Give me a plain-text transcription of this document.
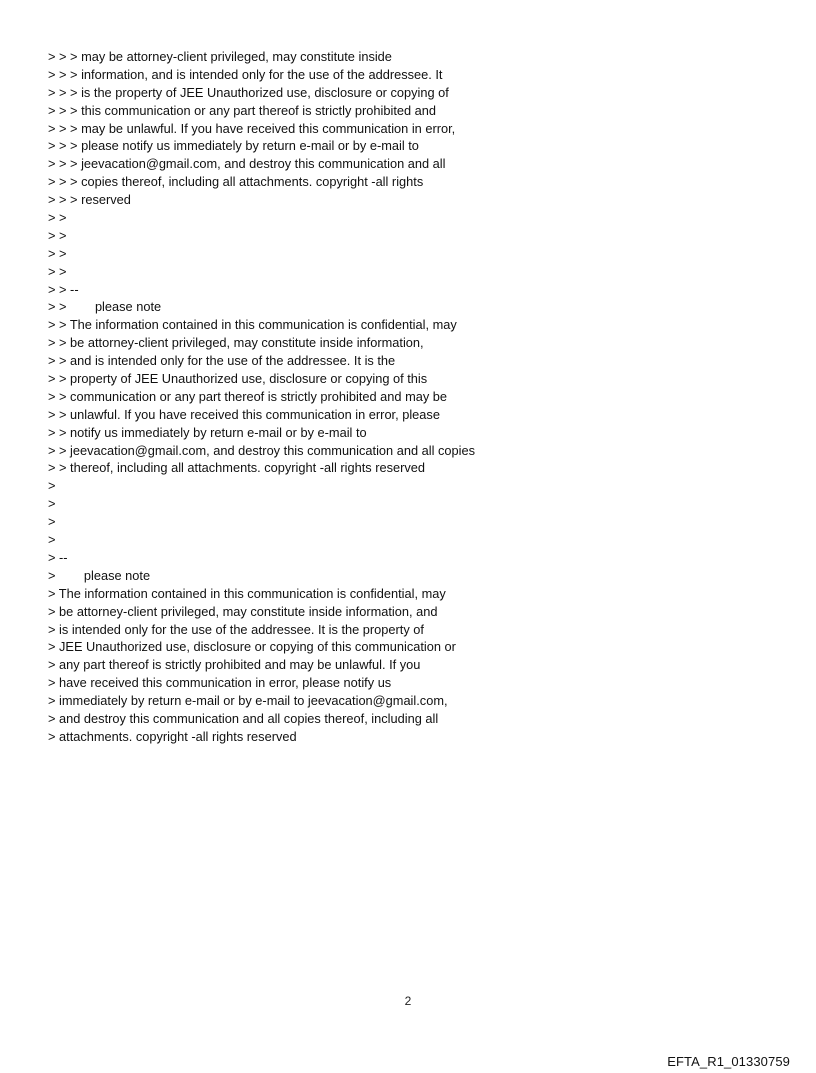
> > > may be attorney-client privileged, may constitute inside
> > > information, and is intended only for the use of the addressee. It
> > > is the property of JEE Unauthorized use, disclosure or copying of
> > > this communication or any part thereof is strictly prohibited and
> > > may be unlawful. If you have received this communication in error,
> > > please notify us immediately by return e-mail or by e-mail to
> > > jeevacation@gmail.com, and destroy this communication and all
> > > copies thereof, including all attachments. copyright -all rights
> > > reserved
> >
> >
> >
> >
> > --
> >        please note
> > The information contained in this communication is confidential, may
> > be attorney-client privileged, may constitute inside information,
> > and is intended only for the use of the addressee. It is the
> > property of JEE Unauthorized use, disclosure or copying of this
> > communication or any part thereof is strictly prohibited and may be
> > unlawful. If you have received this communication in error, please
> > notify us immediately by return e-mail or by e-mail to
> > jeevacation@gmail.com, and destroy this communication and all copies
> > thereof, including all attachments. copyright -all rights reserved
>
>
>
>
> --
>        please note
> The information contained in this communication is confidential, may
> be attorney-client privileged, may constitute inside information, and
> is intended only for the use of the addressee. It is the property of
> JEE Unauthorized use, disclosure or copying of this communication or
> any part thereof is strictly prohibited and may be unlawful. If you
> have received this communication in error, please notify us
> immediately by return e-mail or by e-mail to jeevacation@gmail.com,
> and destroy this communication and all copies thereof, including all
> attachments. copyright -all rights reserved
2
EFTA_R1_01330759
